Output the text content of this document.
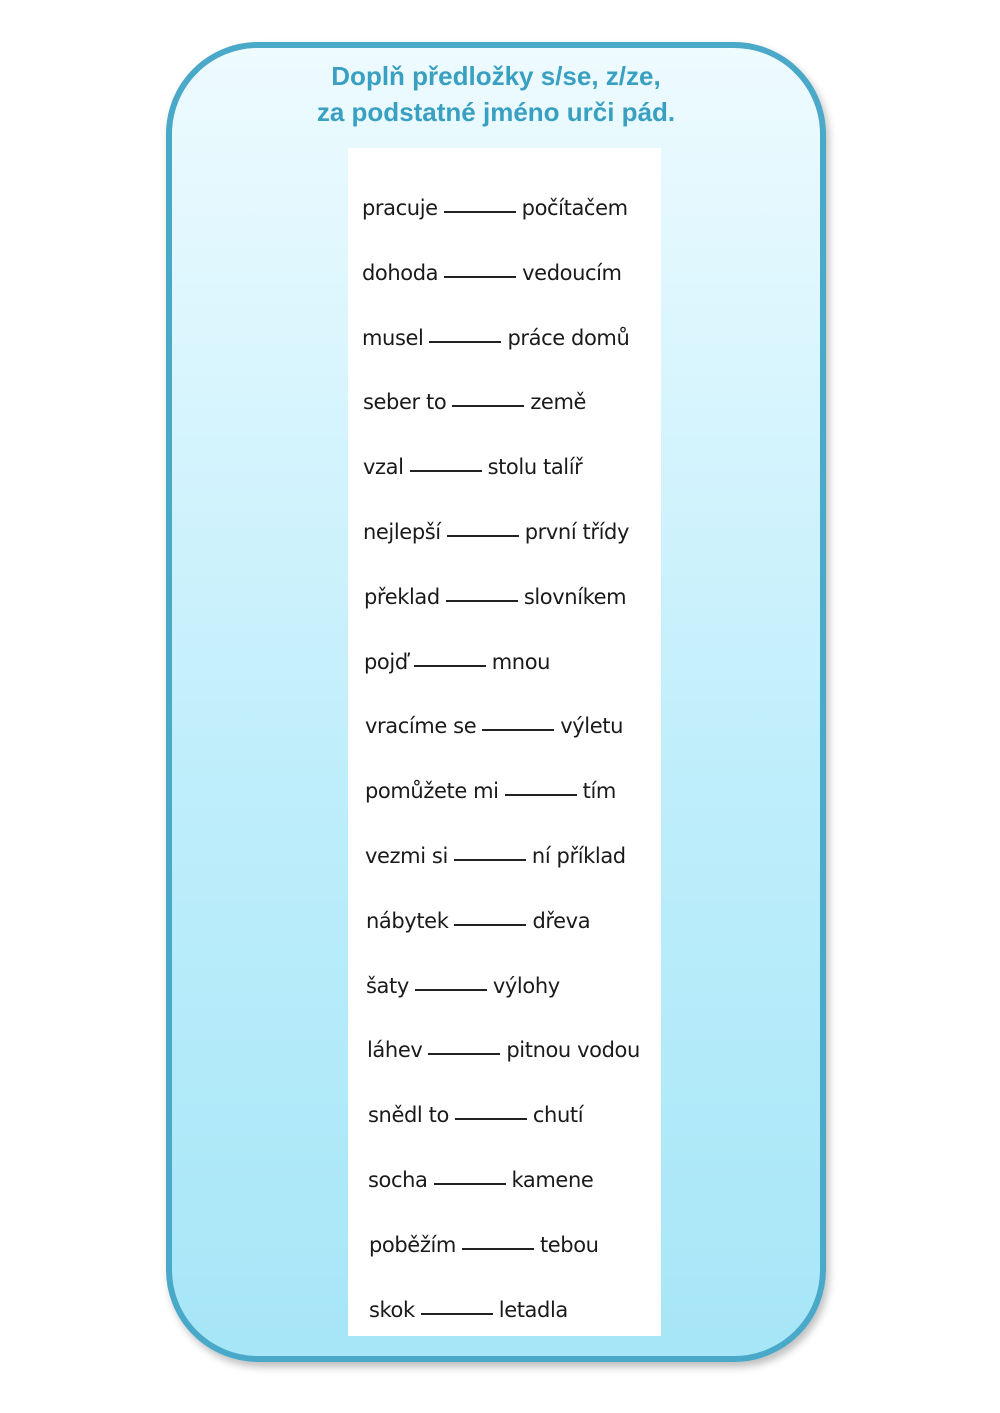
Doplň předložky s/se, z/ze,
za podstatné jméno urči pád.
pracuje	počítačem
dohoda	vedoucím
musel	práce domů
seber to	země
vzal	stolu talíř
nejlepší	první třídy
překlad	slovníkem
pojď	mnou
vracíme se	výletu
pomůžete mi	tím
vezmi si	ní příklad
nábytek	dřeva
šaty	výlohy
láhev	pitnou vodou
snědl to	chutí
socha	kamene
poběžím	tebou
skok	letadla
